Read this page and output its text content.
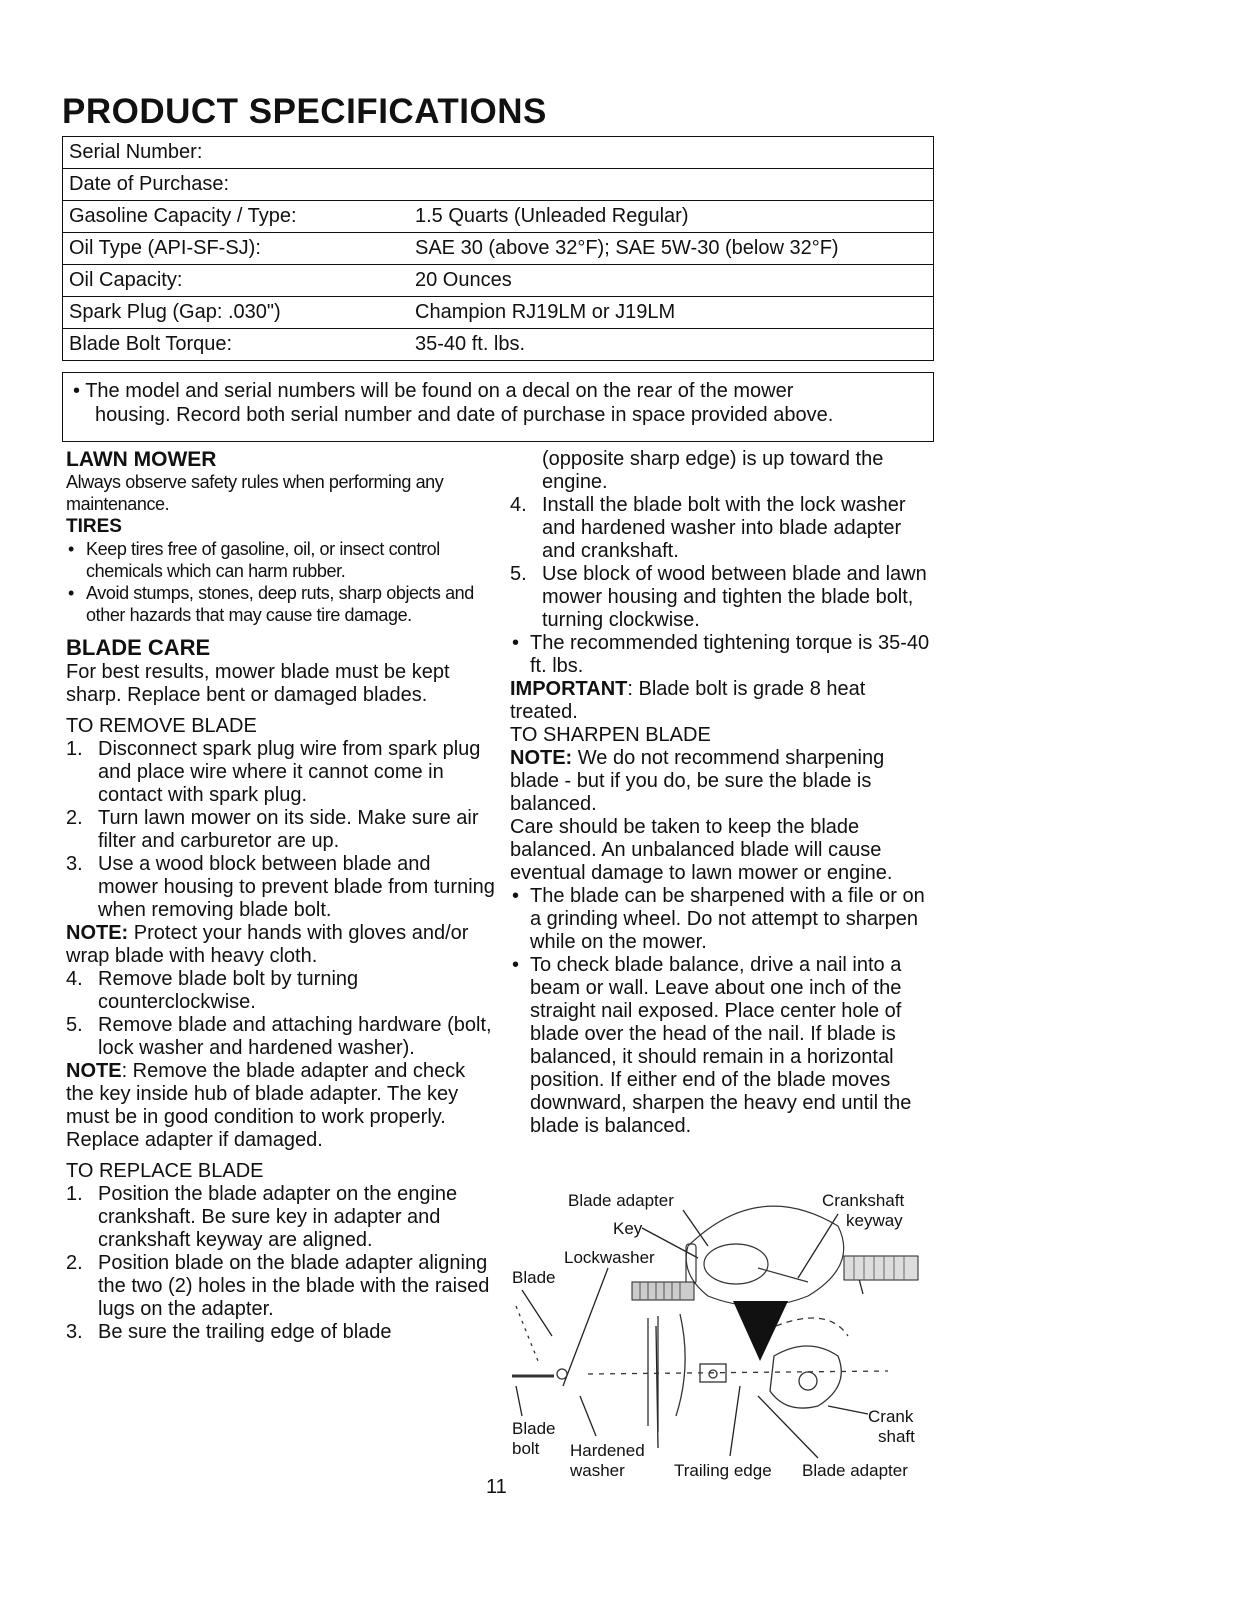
PRODUCT SPECIFICATIONS
Serial Number:	
Date of Purchase:	
Gasoline Capacity / Type:	1.5 Quarts (Unleaded Regular)
Oil Type (API-SF-SJ):	SAE 30 (above 32°F); SAE 5W-30 (below 32°F)
Oil Capacity:	20 Ounces
Spark Plug (Gap: .030")	Champion RJ19LM or J19LM
Blade Bolt Torque:	35-40 ft. lbs.
• The model and serial numbers will be found on a decal on the rear of the mower
housing. Record both serial number and date of purchase in space provided above.

LAWN MOWER

Always observe safety rules when performing any maintenance.

TIRES

• Keep tires free of gasoline, oil, or insect control chemicals which can harm rubber.
• Avoid stumps, stones, deep ruts, sharp objects and other hazards that may cause tire damage.

BLADE CARE

For best results, mower blade must be kept sharp. Replace bent or damaged blades.

TO REMOVE BLADE

1. Disconnect spark plug wire from spark plug and place wire where it cannot come in contact with spark plug.
2. Turn lawn mower on its side. Make sure air filter and carburetor are up.
3. Use a wood block between blade and mower housing to prevent blade from turning when removing blade bolt.

NOTE: Protect your hands with gloves and/or wrap blade with heavy cloth.

4. Remove blade bolt by turning counterclockwise.
5. Remove blade and attaching hardware (bolt, lock washer and hardened washer).

NOTE: Remove the blade adapter and check the key inside hub of blade adapter. The key must be in good condition to work properly. Replace adapter if damaged.

TO REPLACE BLADE

1. Position the blade adapter on the engine crankshaft. Be sure key in adapter and crankshaft keyway are aligned.
2. Position blade on the blade adapter aligning the two (2) holes in the blade with the raised lugs on the adapter.
3. Be sure the trailing edge of blade

(opposite sharp edge) is up toward the engine.

4. Install the blade bolt with the lock washer and hardened washer into blade adapter and crankshaft.
5. Use block of wood between blade and lawn mower housing and tighten the blade bolt, turning clockwise.
• The recommended tightening torque is 35-40 ft. lbs.

IMPORTANT: Blade bolt is grade 8 heat treated.

TO SHARPEN BLADE

NOTE: We do not recommend sharpening blade - but if you do, be sure the blade is balanced.

Care should be taken to keep the blade balanced. An unbalanced blade will cause eventual damage to lawn mower or engine.

• The blade can be sharpened with a file or on a grinding wheel. Do not attempt to sharpen while on the mower.
• To check blade balance, drive a nail into a beam or wall. Leave about one inch of the straight nail exposed. Place center hole of blade over the head of the nail. If blade is balanced, it should remain in a horizontal position. If either end of the blade moves downward, sharpen the heavy end until the blade is balanced.
Blade adapter	Crankshaft
keyway
Key
Lockwasher
Blade
Blade
bolt Hardened
washer	Trailing edge Blade adapter
Crank
shaft
11
